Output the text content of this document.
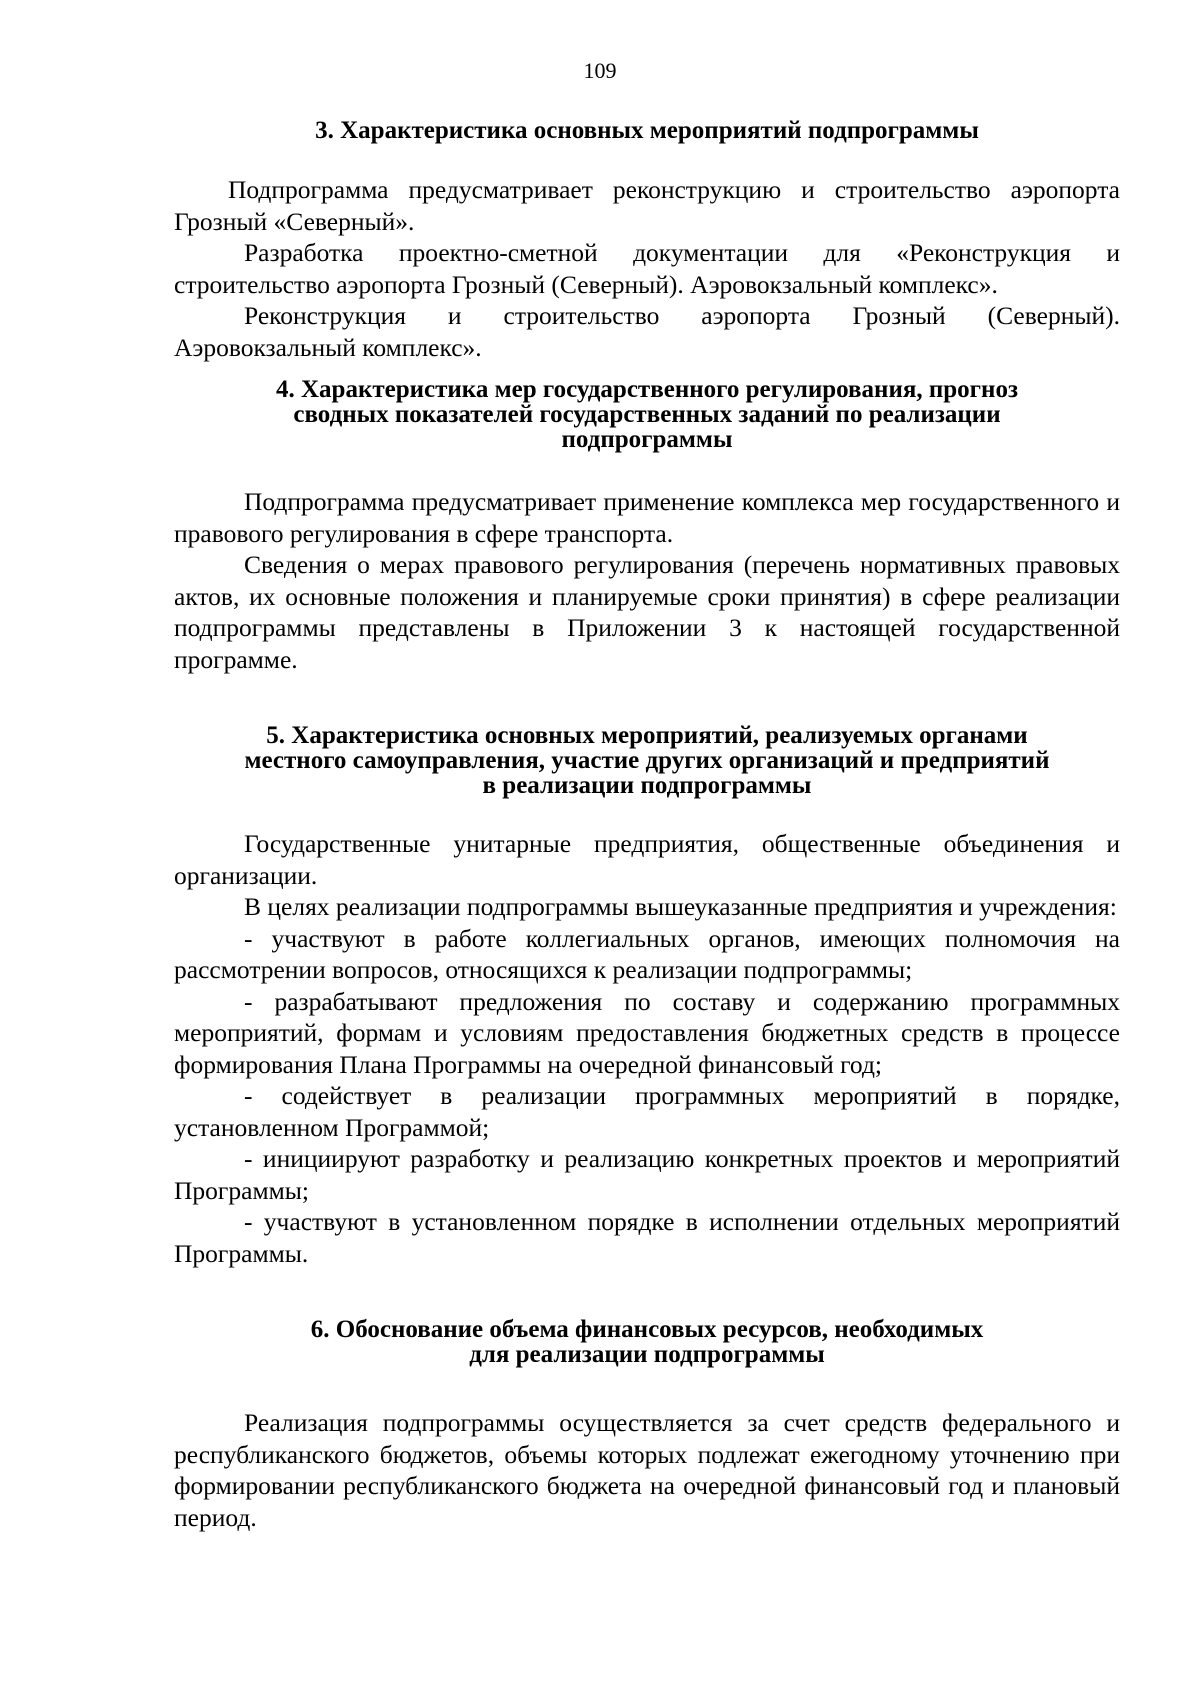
109
3. Характеристика основных мероприятий подпрограммы

Подпрограмма предусматривает реконструкцию и строительство аэропорта Грозный «Северный».

Разработка проектно-сметной документации для «Реконструкция и строительство аэропорта Грозный (Северный). Аэровокзальный комплекс».

Реконструкция и строительство аэропорта Грозный (Северный). Аэровокзальный комплекс».

4. Характеристика мер государственного регулирования, прогноз
сводных показателей государственных заданий по реализации
подпрограммы

Подпрограмма предусматривает применение комплекса мер государственного и правового регулирования в сфере транспорта.

Сведения о мерах правового регулирования (перечень нормативных правовых актов, их основные положения и планируемые сроки принятия) в сфере реализации подпрограммы представлены в Приложении 3 к настоящей государственной программе.

5. Характеристика основных мероприятий, реализуемых органами
местного самоуправления, участие других организаций и предприятий
в реализации подпрограммы

Государственные унитарные предприятия, общественные объединения и организации.

В целях реализации подпрограммы вышеуказанные предприятия и учреждения:

- участвуют в работе коллегиальных органов, имеющих полномочия на рассмотрении вопросов, относящихся к реализации подпрограммы;

- разрабатывают предложения по составу и содержанию программных мероприятий, формам и условиям предоставления бюджетных средств в процессе формирования Плана Программы на очередной финансовый год;

- содействует в реализации программных мероприятий в порядке, установленном Программой;

- инициируют разработку и реализацию конкретных проектов и мероприятий Программы;

- участвуют в установленном порядке в исполнении отдельных мероприятий Программы.

6. Обоснование объема финансовых ресурсов, необходимых
для реализации подпрограммы

Реализация подпрограммы осуществляется за счет средств федерального и республиканского бюджетов, объемы которых подлежат ежегодному уточнению при формировании республиканского бюджета на очередной финансовый год и плановый период.
